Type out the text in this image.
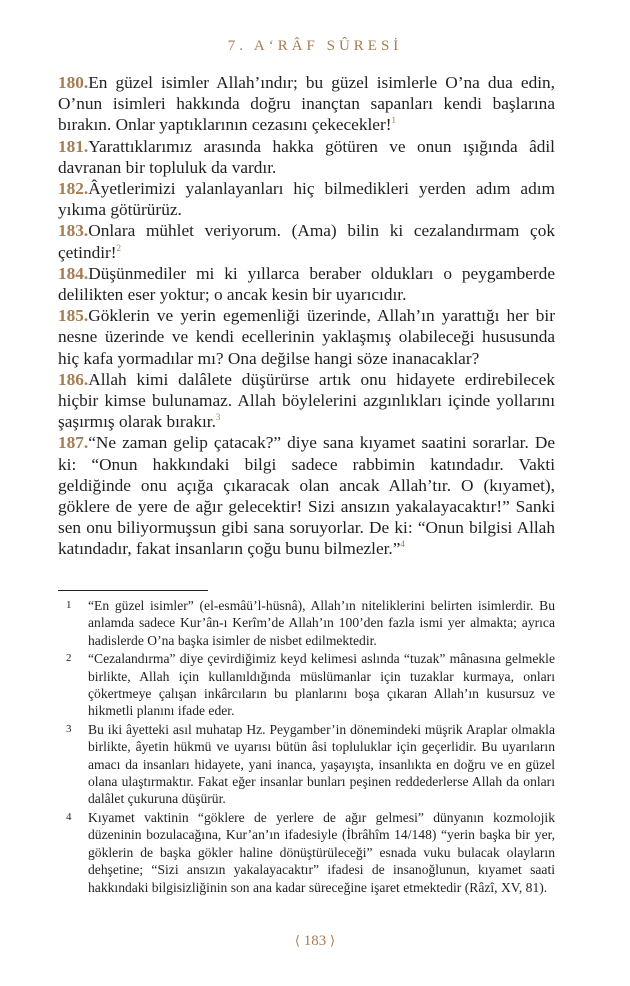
7. A‘RÂF SÛRESİ

180.En güzel isimler Allah’ındır; bu güzel isimlerle O’na dua edin, O’nun isimleri hakkında doğru inançtan sapanları kendi başlarına bırakın. Onlar yaptıklarının cezasını çekecekler!$^1$

181.Yarattıklarımız arasında hakka götüren ve onun ışığında âdil davranan bir topluluk da vardır.

182.Âyetlerimizi yalanlayanları hiç bilmedikleri yerden adım adım yıkıma götürürüz.

183.Onlara mühlet veriyorum. (Ama) bilin ki cezalandırmam çok çetindir!$^2$

184.Düşünmediler mi ki yıllarca beraber oldukları o peygamberde delilikten eser yoktur; o ancak kesin bir uyarıcıdır.

185.Göklerin ve yerin egemenliği üzerinde, Allah’ın yarattığı her bir nesne üzerinde ve kendi ecellerinin yaklaşmış olabileceği hususunda hiç kafa yormadılar mı? Ona değilse hangi söze inanacaklar?

186.Allah kimi dalâlete düşürürse artık onu hidayete erdirebilecek hiçbir kimse bulunamaz. Allah böylelerini azgınlıkları içinde yollarını şaşırmış olarak bırakır.$^3$

187.“Ne zaman gelip çatacak?” diye sana kıyamet saatini sorarlar. De ki: “Onun hakkındaki bilgi sadece rabbimin katındadır. Vakti geldiğinde onu açığa çıkaracak olan ancak Allah’tır. O (kıyamet), göklere de yere de ağır gelecektir! Sizi ansızın yakalayacaktır!” Sanki sen onu biliyormuşsun gibi sana soruyorlar. De ki: “Onun bilgisi Allah katındadır, fakat insanların çoğu bunu bilmezler.”$^4$

1	“En güzel isimler” (el-esmâü’l-hüsnâ), Allah’ın niteliklerini belirten isimlerdir. Bu anlamda sadece Kur’ân-ı Kerîm’de Allah’ın 100’den fazla ismi yer almakta; ayrıca hadislerde O’na başka isimler de nisbet edilmektedir.
2	“Cezalandırma” diye çevirdiğimiz keyd kelimesi aslında “tuzak” mânasına gelmekle birlikte, Allah için kullanıldığında müslümanlar için tuzaklar kurmaya, onları çökertmeye çalışan inkârcıların bu planlarını boşa çıkaran Allah’ın kusursuz ve hikmetli planını ifade eder.
3	Bu iki âyetteki asıl muhatap Hz. Peygamber’in dönemindeki müşrik Araplar olmakla birlikte, âyetin hükmü ve uyarısı bütün âsi topluluklar için geçerlidir. Bu uyarıların amacı da insanları hidayete, yani inanca, yaşayışta, insanlıkta en doğru ve en güzel olana ulaştırmaktır. Fakat eğer insanlar bunları peşinen reddederlerse Allah da onları dalâlet çukuruna düşürür.
4	Kıyamet vaktinin “göklere de yerlere de ağır gelmesi” dünyanın kozmolojik düzeninin bozulacağına, Kur’an’ın ifadesiyle (İbrâhîm 14/148) “yerin başka bir yer, göklerin de başka gökler haline dönüştürüleceği” esnada vuku bulacak olayların dehşetine; “Sizi ansızın yakalayacaktır” ifadesi de insanoğlunun, kıyamet saati hakkındaki bilgisizliğinin son ana kadar süreceğine işaret etmektedir (Râzî, XV, 81).
⟨ 183 ⟩
